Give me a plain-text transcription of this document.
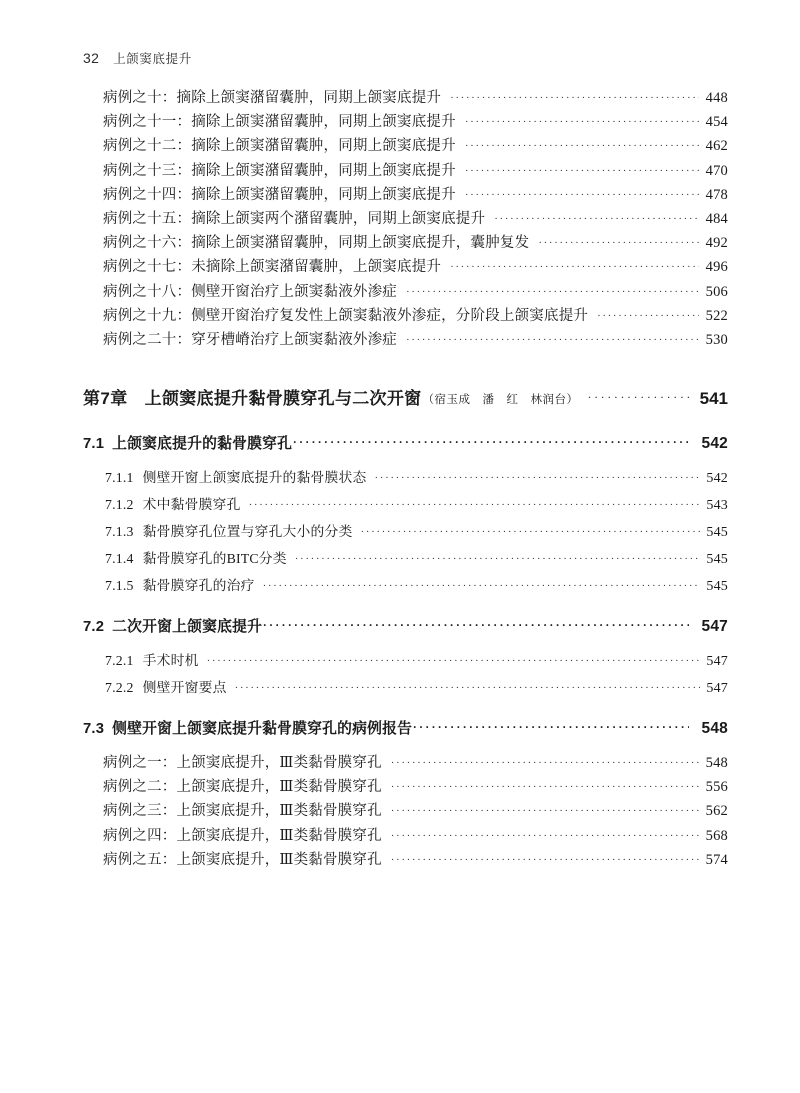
32 上颌窦底提升
病例之十：摘除上颌窦潴留囊肿，同期上颌窦底提升 ·····	448
病例之十一：摘除上颌窦潴留囊肿，同期上颌窦底提升 ·····	454
病例之十二：摘除上颌窦潴留囊肿，同期上颌窦底提升 ·····	462
病例之十三：摘除上颌窦潴留囊肿，同期上颌窦底提升 ·····	470
病例之十四：摘除上颌窦潴留囊肿，同期上颌窦底提升 ·····	478
病例之十五：摘除上颌窦两个潴留囊肿，同期上颌窦底提升 ·····	484
病例之十六：摘除上颌窦潴留囊肿，同期上颌窦底提升，囊肿复发 ·····	492
病例之十七：未摘除上颌窦潴留囊肿，上颌窦底提升 ·····	496
病例之十八：侧壁开窗治疗上颌窦黏液外渗症 ·····	506
病例之十九：侧壁开窗治疗复发性上颌窦黏液外渗症，分阶段上颌窦底提升 ·····	522
病例之二十：穿牙槽嵴治疗上颌窦黏液外渗症 ·····	530
第7章 上颌窦底提升黏骨膜穿孔与二次开窗 （宿玉成　潘　红　林润台） ·····	541
7.1 上颌窦底提升的黏骨膜穿孔 ·····	542
7.1.1 侧壁开窗上颌窦底提升的黏骨膜状态 ·····	542
7.1.2 术中黏骨膜穿孔 ·····	543
7.1.3 黏骨膜穿孔位置与穿孔大小的分类 ·····	545
7.1.4 黏骨膜穿孔的BITC分类 ·····	545
7.1.5 黏骨膜穿孔的治疗 ·····	545
7.2 二次开窗上颌窦底提升 ·····	547
7.2.1 手术时机 ·····	547
7.2.2 侧壁开窗要点 ·····	547
7.3 侧壁开窗上颌窦底提升黏骨膜穿孔的病例报告 ·····	548
病例之一：上颌窦底提升，Ⅲ类黏骨膜穿孔 ·····	548
病例之二：上颌窦底提升，Ⅲ类黏骨膜穿孔 ·····	556
病例之三：上颌窦底提升，Ⅲ类黏骨膜穿孔 ·····	562
病例之四：上颌窦底提升，Ⅲ类黏骨膜穿孔 ·····	568
病例之五：上颌窦底提升，Ⅲ类黏骨膜穿孔 ·····	574
